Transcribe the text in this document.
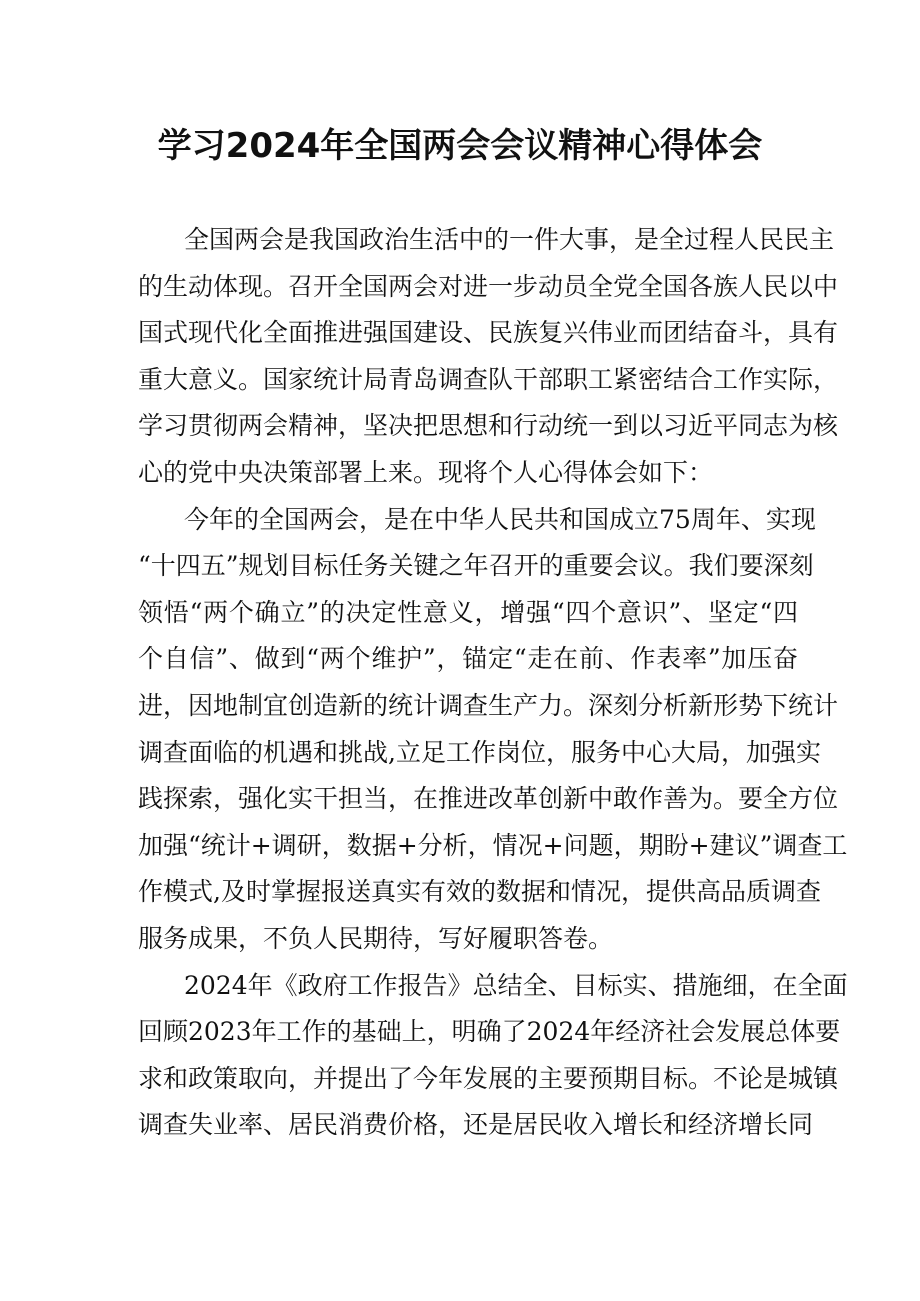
学习2024年全国两会会议精神心得体会
全国两会是我国政治生活中的一件大事，是全过程人民民主
的生动体现。召开全国两会对进一步动员全党全国各族人民以中
国式现代化全面推进强国建设、民族复兴伟业而团结奋斗，具有
重大意义。国家统计局青岛调查队干部职工紧密结合工作实际，
学习贯彻两会精神，坚决把思想和行动统一到以习近平同志为核
心的党中央决策部署上来。现将个人心得体会如下：
今年的全国两会，是在中华人民共和国成立75周年、实现
“十四五”规划目标任务关键之年召开的重要会议。我们要深刻
领悟“两个确立”的决定性意义，增强“四个意识”、坚定“四
个自信”、做到“两个维护”，锚定“走在前、作表率”加压奋
进，因地制宜创造新的统计调查生产力。深刻分析新形势下统计
调查面临的机遇和挑战,立足工作岗位，服务中心大局，加强实
践探索，强化实干担当，在推进改革创新中敢作善为。要全方位
加强“统计+调研，数据+分析，情况+问题，期盼+建议”调查工
作模式,及时掌握报送真实有效的数据和情况，提供高品质调查
服务成果，不负人民期待，写好履职答卷。
2024年《政府工作报告》总结全、目标实、措施细，在全面
回顾2023年工作的基础上，明确了2024年经济社会发展总体要
求和政策取向，并提出了今年发展的主要预期目标。不论是城镇
调查失业率、居民消费价格，还是居民收入增长和经济增长同
